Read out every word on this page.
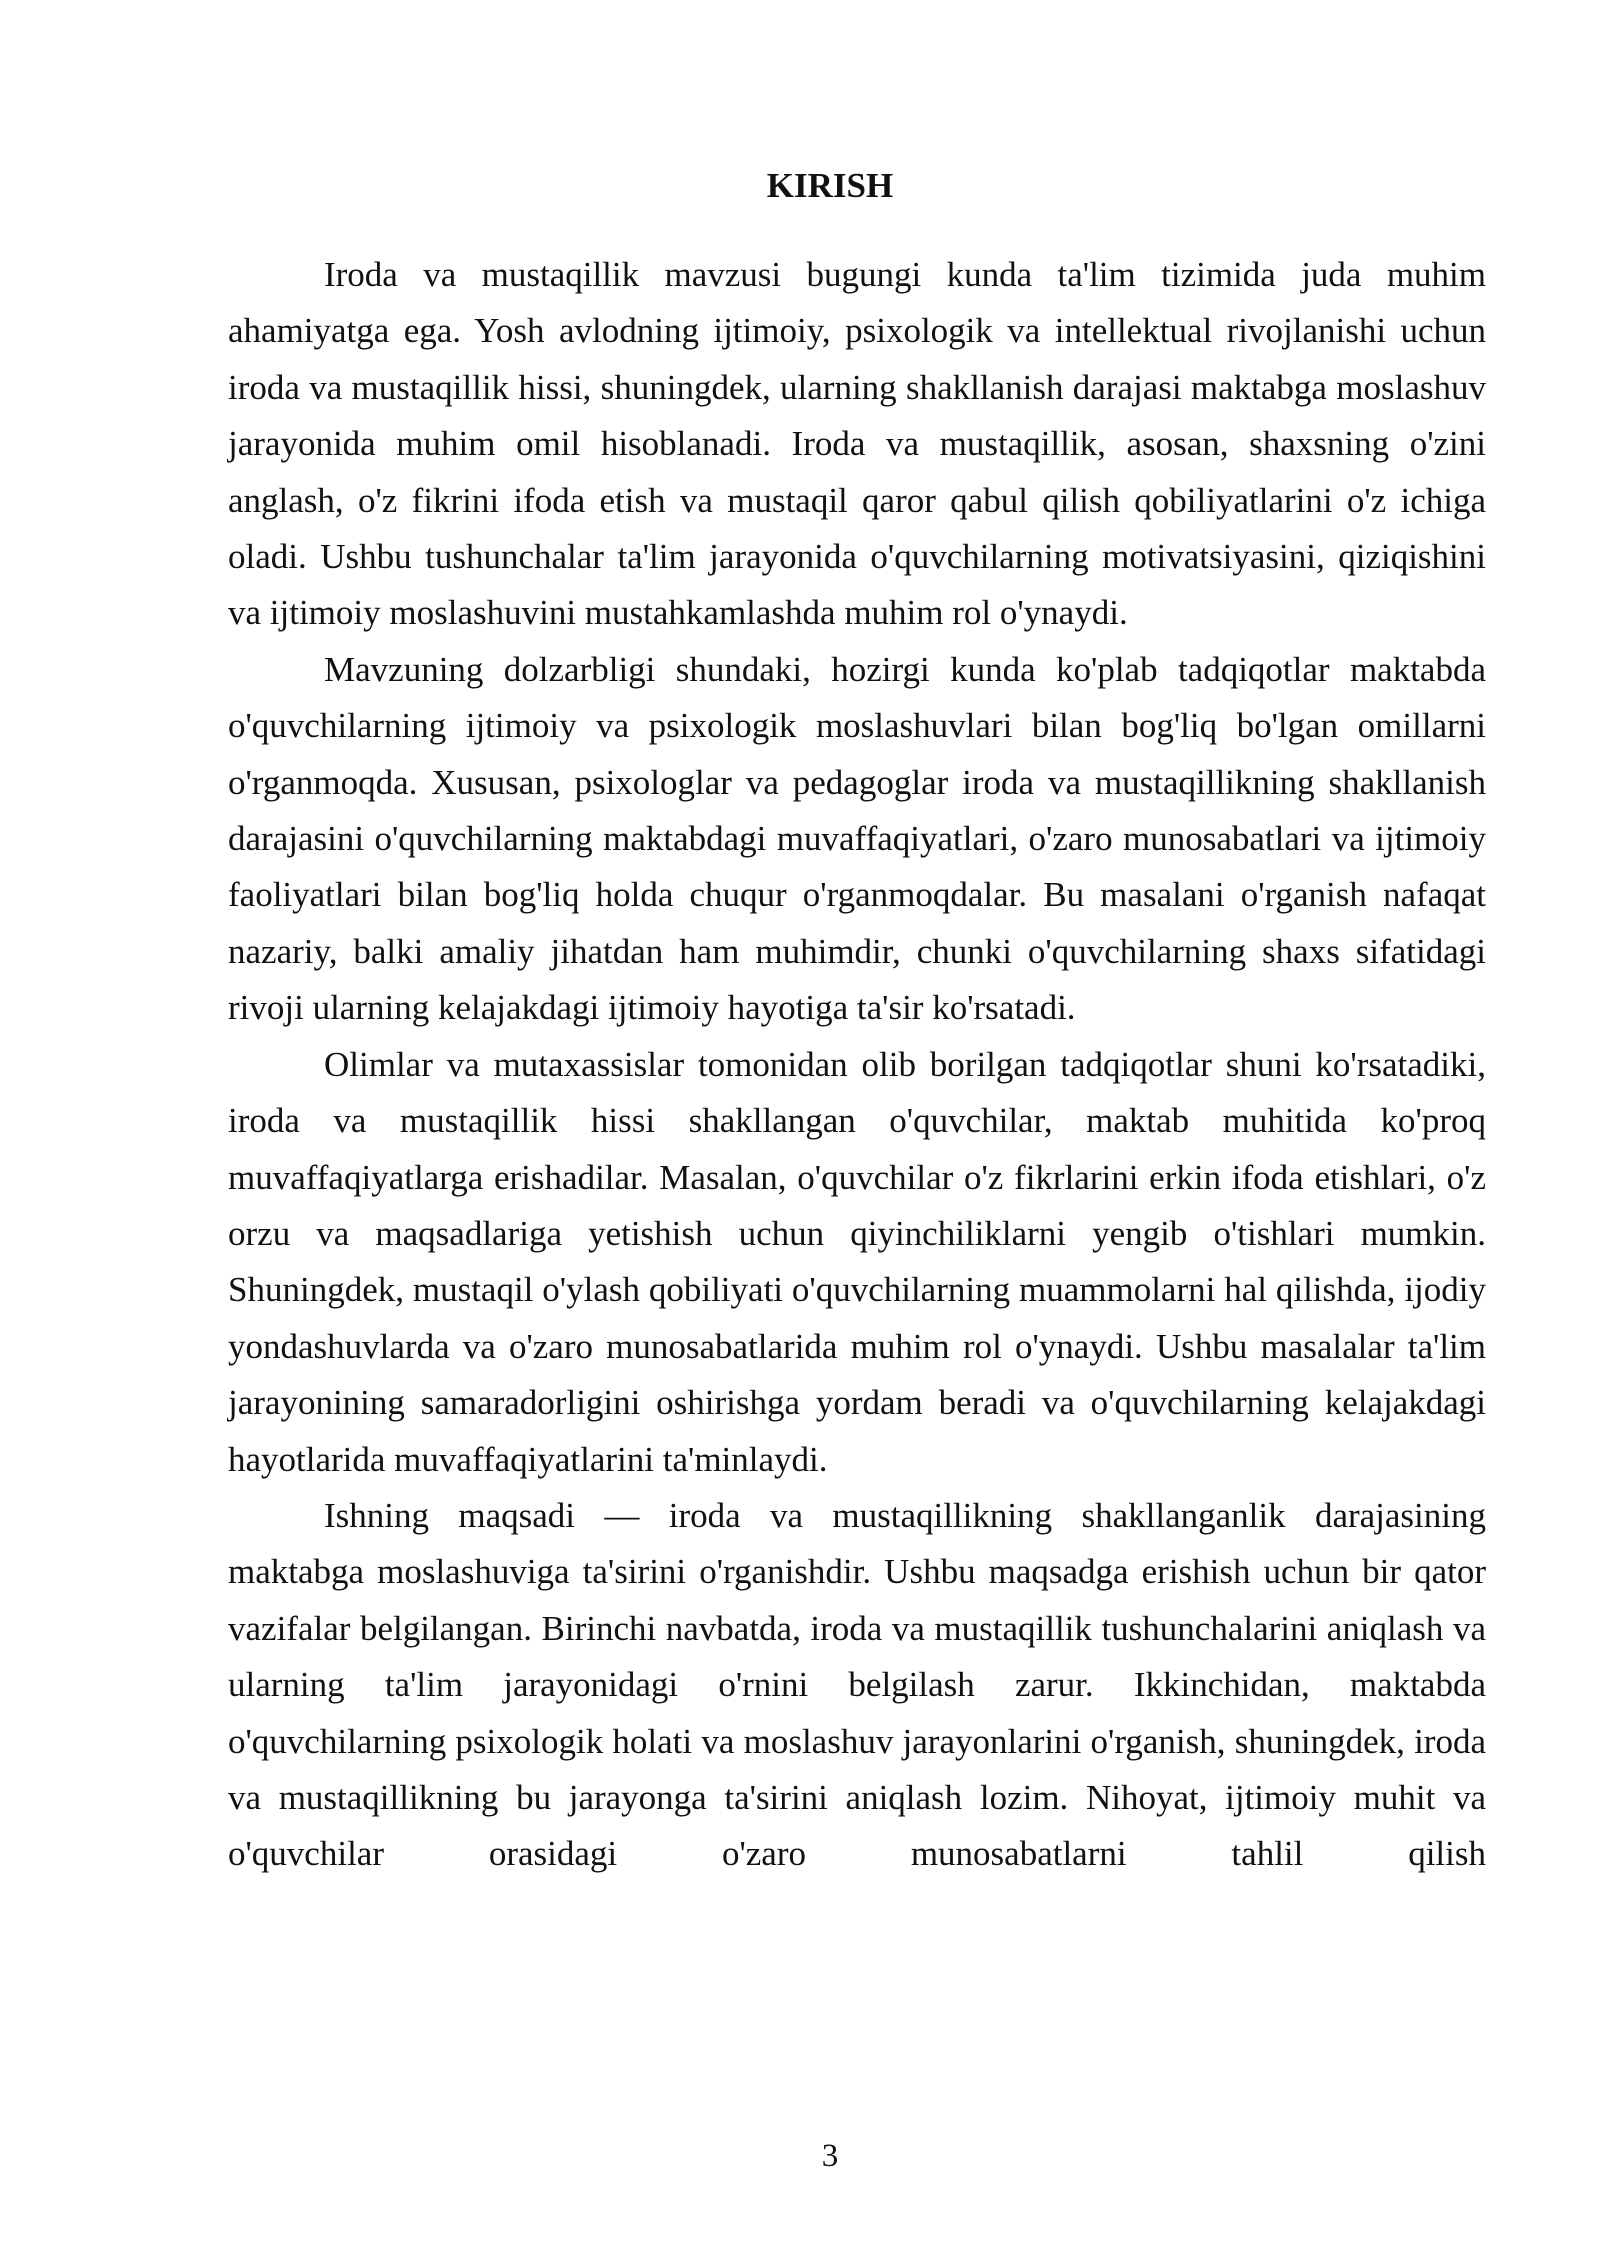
KIRISH

Iroda va mustaqillik mavzusi bugungi kunda ta'lim tizimida juda muhim ahamiyatga ega. Yosh avlodning ijtimoiy, psixologik va intellektual rivojlanishi uchun iroda va mustaqillik hissi, shuningdek, ularning shakllanish darajasi maktabga moslashuv jarayonida muhim omil hisoblanadi. Iroda va mustaqillik, asosan, shaxsning o'zini anglash, o'z fikrini ifoda etish va mustaqil qaror qabul qilish qobiliyatlarini o'z ichiga oladi. Ushbu tushunchalar ta'lim jarayonida o'quvchilarning motivatsiyasini, qiziqishini va ijtimoiy moslashuvini mustahkamlashda muhim rol o'ynaydi.

Mavzuning dolzarbligi shundaki, hozirgi kunda ko'plab tadqiqotlar maktabda o'quvchilarning ijtimoiy va psixologik moslashuvlari bilan bog'liq bo'lgan omillarni o'rganmoqda. Xususan, psixologlar va pedagoglar iroda va mustaqillikning shakllanish darajasini o'quvchilarning maktabdagi muvaffaqiyatlari, o'zaro munosabatlari va ijtimoiy faoliyatlari bilan bog'liq holda chuqur o'rganmoqdalar. Bu masalani o'rganish nafaqat nazariy, balki amaliy jihatdan ham muhimdir, chunki o'quvchilarning shaxs sifatidagi rivoji ularning kelajakdagi ijtimoiy hayotiga ta'sir ko'rsatadi.

Olimlar va mutaxassislar tomonidan olib borilgan tadqiqotlar shuni ko'rsatadiki, iroda va mustaqillik hissi shakllangan o'quvchilar, maktab muhitida ko'proq muvaffaqiyatlarga erishadilar. Masalan, o'quvchilar o'z fikrlarini erkin ifoda etishlari, o'z orzu va maqsadlariga yetishish uchun qiyinchiliklarni yengib o'tishlari mumkin. Shuningdek, mustaqil o'ylash qobiliyati o'quvchilarning muammolarni hal qilishda, ijodiy yondashuvlarda va o'zaro munosabatlarida muhim rol o'ynaydi. Ushbu masalalar ta'lim jarayonining samaradorligini oshirishga yordam beradi va o'quvchilarning kelajakdagi hayotlarida muvaffaqiyatlarini ta'minlaydi.

Ishning maqsadi — iroda va mustaqillikning shakllanganlik darajasining maktabga moslashuviga ta'sirini o'rganishdir. Ushbu maqsadga erishish uchun bir qator vazifalar belgilangan. Birinchi navbatda, iroda va mustaqillik tushunchalarini aniqlash va ularning ta'lim jarayonidagi o'rnini belgilash zarur. Ikkinchidan, maktabda o'quvchilarning psixologik holati va moslashuv jarayonlarini o'rganish, shuningdek, iroda va mustaqillikning bu jarayonga ta'sirini aniqlash lozim. Nihoyat, ijtimoiy muhit va o'quvchilar orasidagi o'zaro munosabatlarni tahlil qilish

3
